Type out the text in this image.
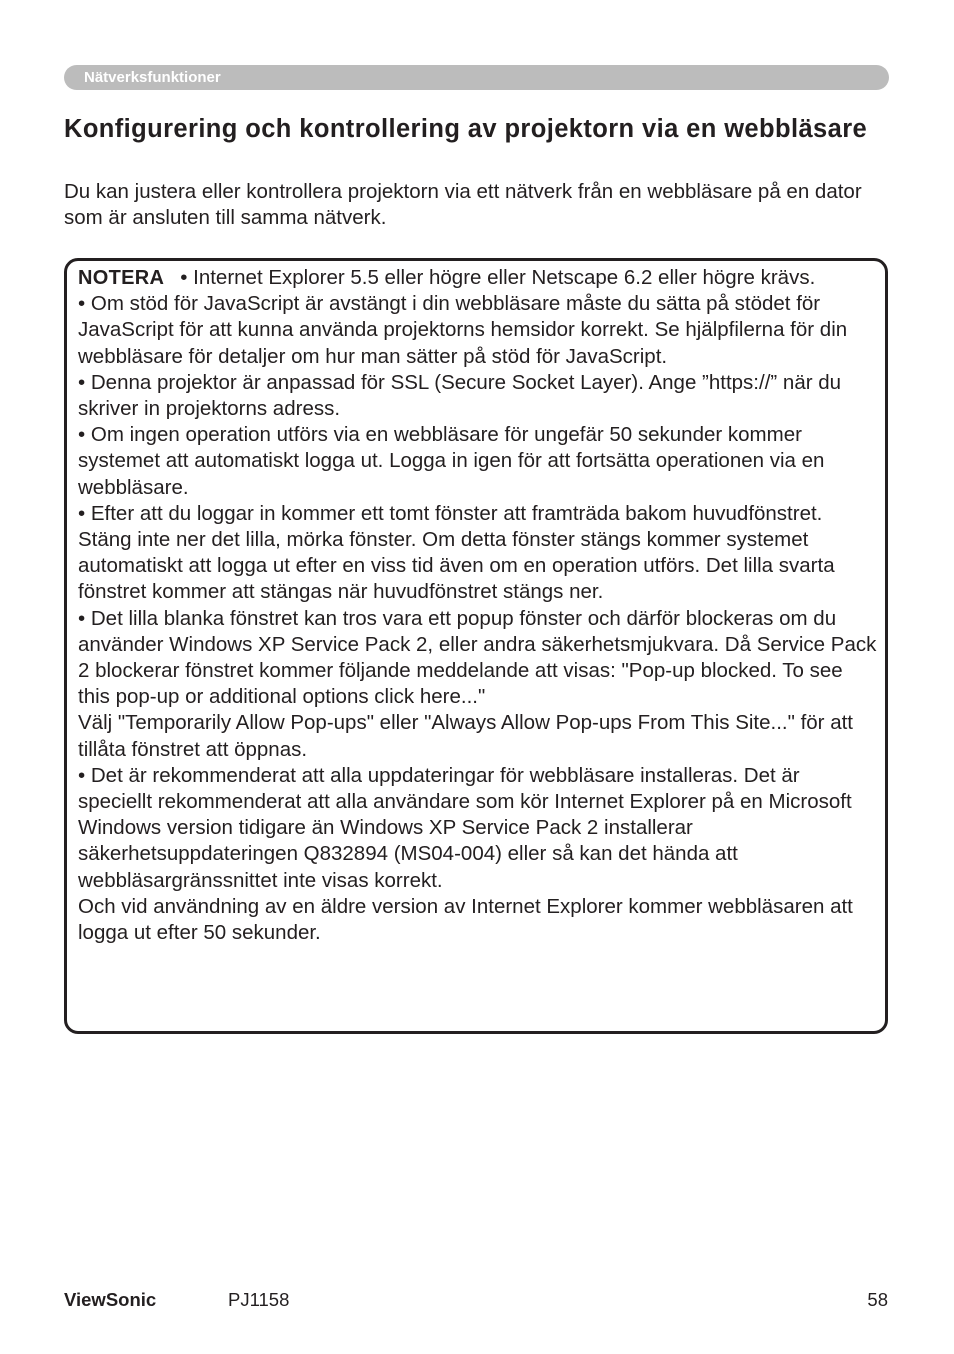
Nätverksfunktioner
Konfigurering och kontrollering av projektorn via en webbläsare

Du kan justera eller kontrollera projektorn via ett nätverk från en webbläsare på en dator som är ansluten till samma nätverk.

NOTERA • Internet Explorer 5.5 eller högre eller Netscape 6.2 eller högre krävs.

• Om stöd för JavaScript är avstängt i din webbläsare måste du sätta på stödet för JavaScript för att kunna använda projektorns hemsidor korrekt. Se hjälpfilerna för din webbläsare för detaljer om hur man sätter på stöd för JavaScript.

• Denna projektor är anpassad för SSL (Secure Socket Layer). Ange ”https://” när du skriver in projektorns adress.

• Om ingen operation utförs via en webbläsare för ungefär 50 sekunder kommer systemet att automatiskt logga ut. Logga in igen för att fortsätta operationen via en webbläsare.

• Efter att du loggar in kommer ett tomt fönster att framträda bakom huvudfönstret. Stäng inte ner det lilla, mörka fönster. Om detta fönster stängs kommer systemet automatiskt att logga ut efter en viss tid även om en operation utförs. Det lilla svarta fönstret kommer att stängas när huvudfönstret stängs ner.

• Det lilla blanka fönstret kan tros vara ett popup fönster och därför blockeras om du använder Windows XP Service Pack 2, eller andra säkerhetsmjukvara. Då Service Pack 2 blockerar fönstret kommer följande meddelande att visas: "Pop-up blocked. To see this pop-up or additional options click here..."

Välj "Temporarily Allow Pop-ups" eller "Always Allow Pop-ups From This Site..." för att tillåta fönstret att öppnas.

• Det är rekommenderat att alla uppdateringar för webbläsare installeras. Det är speciellt rekommenderat att alla användare som kör Internet Explorer på en Microsoft Windows version tidigare än Windows XP Service Pack 2 installerar säkerhetsuppdateringen Q832894 (MS04-004) eller så kan det hända att webbläsargränssnittet inte visas korrekt.

Och vid användning av en äldre version av Internet Explorer kommer webbläsaren att logga ut efter 50 sekunder.

ViewSonic	PJ1158	58
